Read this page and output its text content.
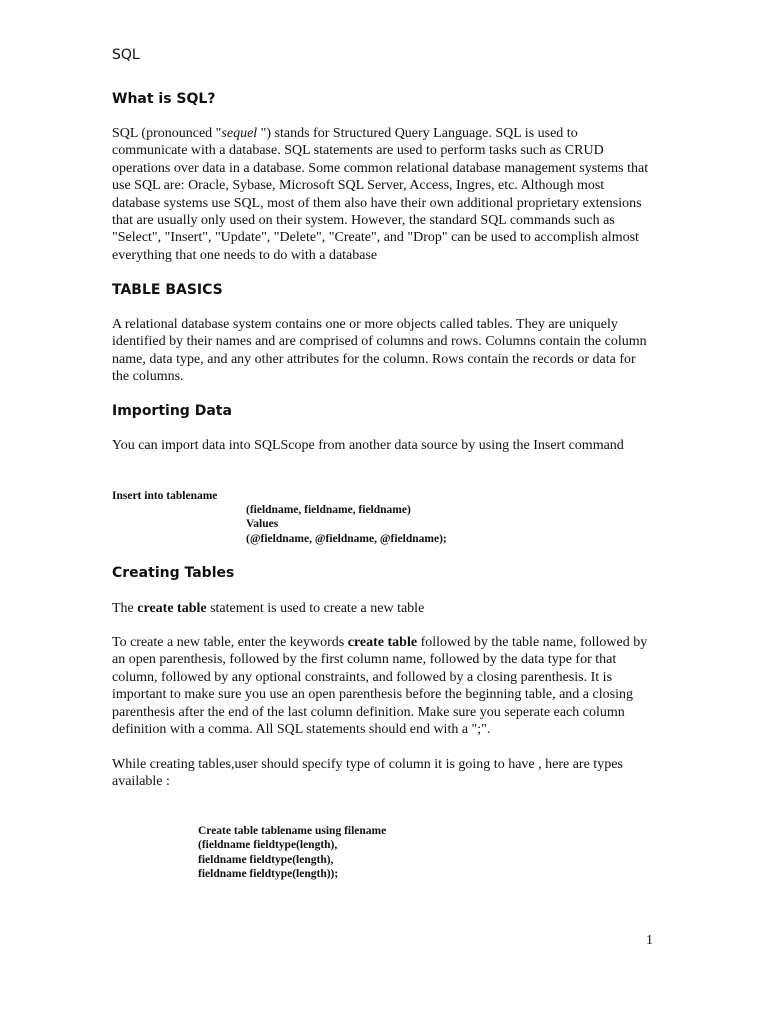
SQL
What is SQL?
SQL (pronounced "sequel ") stands for Structured Query Language. SQL is used to communicate with a database. SQL statements are used to perform tasks such as CRUD operations over data in a database. Some common relational database management systems that use SQL are: Oracle, Sybase, Microsoft SQL Server, Access, Ingres, etc. Although most database systems use SQL, most of them also have their own additional proprietary extensions that are usually only used on their system. However, the standard SQL commands such as "Select", "Insert", "Update", "Delete", "Create", and "Drop" can be used to accomplish almost everything that one needs to do with a database
TABLE BASICS
A relational database system contains one or more objects called tables. They are uniquely identified by their names and are comprised of columns and rows. Columns contain the column name, data type, and any other attributes for the column. Rows contain the records or data for the columns.
Importing Data
You can import data into SQLScope from another data source by using the Insert command
Insert into tablename
(fieldname, fieldname, fieldname)
Values
(@fieldname, @fieldname, @fieldname);
Creating Tables
The create table statement is used to create a new table
To create a new table, enter the keywords create table followed by the table name, followed by an open parenthesis, followed by the first column name, followed by the data type for that column, followed by any optional constraints, and followed by a closing parenthesis. It is important to make sure you use an open parenthesis before the beginning table, and a closing parenthesis after the end of the last column definition. Make sure you seperate each column definition with a comma. All SQL statements should end with a ";".
While creating tables,user should specify type of column it is going to have , here are types available :
Create table tablename using filename
(fieldname fieldtype(length),
fieldname fieldtype(length),
fieldname fieldtype(length));
1
